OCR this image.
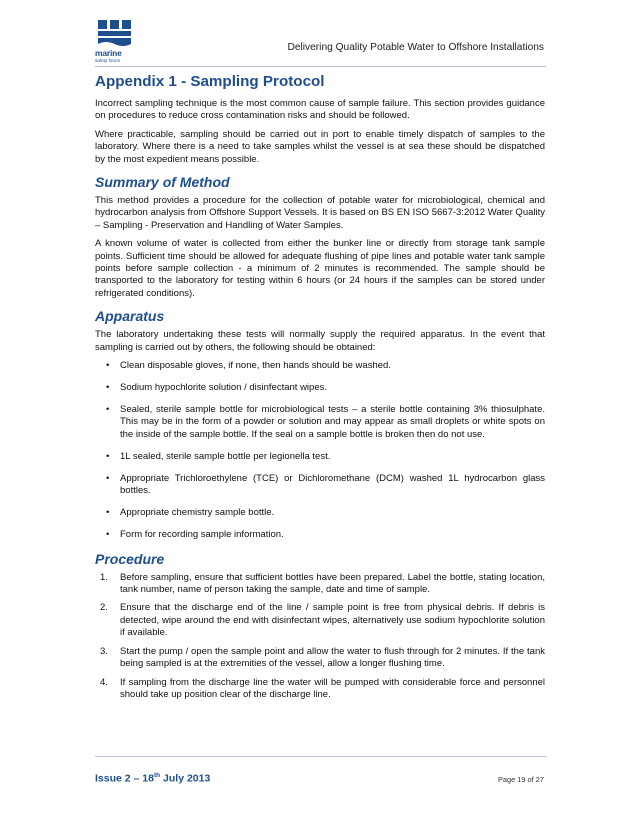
marine
safety forum
Delivering Quality Potable Water to Offshore Installations
Appendix 1 - Sampling Protocol

Incorrect sampling technique is the most common cause of sample failure. This section provides guidance on procedures to reduce cross contamination risks and should be followed.

Where practicable, sampling should be carried out in port to enable timely dispatch of samples to the laboratory. Where there is a need to take samples whilst the vessel is at sea these should be dispatched by the most expedient means possible.

Summary of Method

This method provides a procedure for the collection of potable water for microbiological, chemical and hydrocarbon analysis from Offshore Support Vessels. It is based on BS EN ISO 5667-3:2012 Water Quality – Sampling - Preservation and Handling of Water Samples.

A known volume of water is collected from either the bunker line or directly from storage tank sample points. Sufficient time should be allowed for adequate flushing of pipe lines and potable water tank sample points before sample collection - a minimum of 2 minutes is recommended. The sample should be transported to the laboratory for testing within 6 hours (or 24 hours if the samples can be stored under refrigerated conditions).

Apparatus

The laboratory undertaking these tests will normally supply the required apparatus. In the event that sampling is carried out by others, the following should be obtained:

• Clean disposable gloves, if none, then hands should be washed.
• Sodium hypochlorite solution / disinfectant wipes.
• Sealed, sterile sample bottle for microbiological tests – a sterile bottle containing 3% thiosulphate. This may be in the form of a powder or solution and may appear as small droplets or white spots on the inside of the sample bottle. If the seal on a sample bottle is broken then do not use.
• 1L sealed, sterile sample bottle per legionella test.
• Appropriate Trichloroethylene (TCE) or Dichloromethane (DCM) washed 1L hydrocarbon glass bottles.
• Appropriate chemistry sample bottle.
• Form for recording sample information.
Procedure
1. Before sampling, ensure that sufficient bottles have been prepared. Label the bottle, stating location, tank number, name of person taking the sample, date and time of sample.
2. Ensure that the discharge end of the line / sample point is free from physical debris. If debris is detected, wipe around the end with disinfectant wipes, alternatively use sodium hypochlorite solution if available.
3. Start the pump / open the sample point and allow the water to flush through for 2 minutes. If the tank being sampled is at the extremities of the vessel, allow a longer flushing time.
4. If sampling from the discharge line the water will be pumped with considerable force and personnel should take up position clear of the discharge line.
Issue 2 – 18th July 2013	Page 19 of 27
